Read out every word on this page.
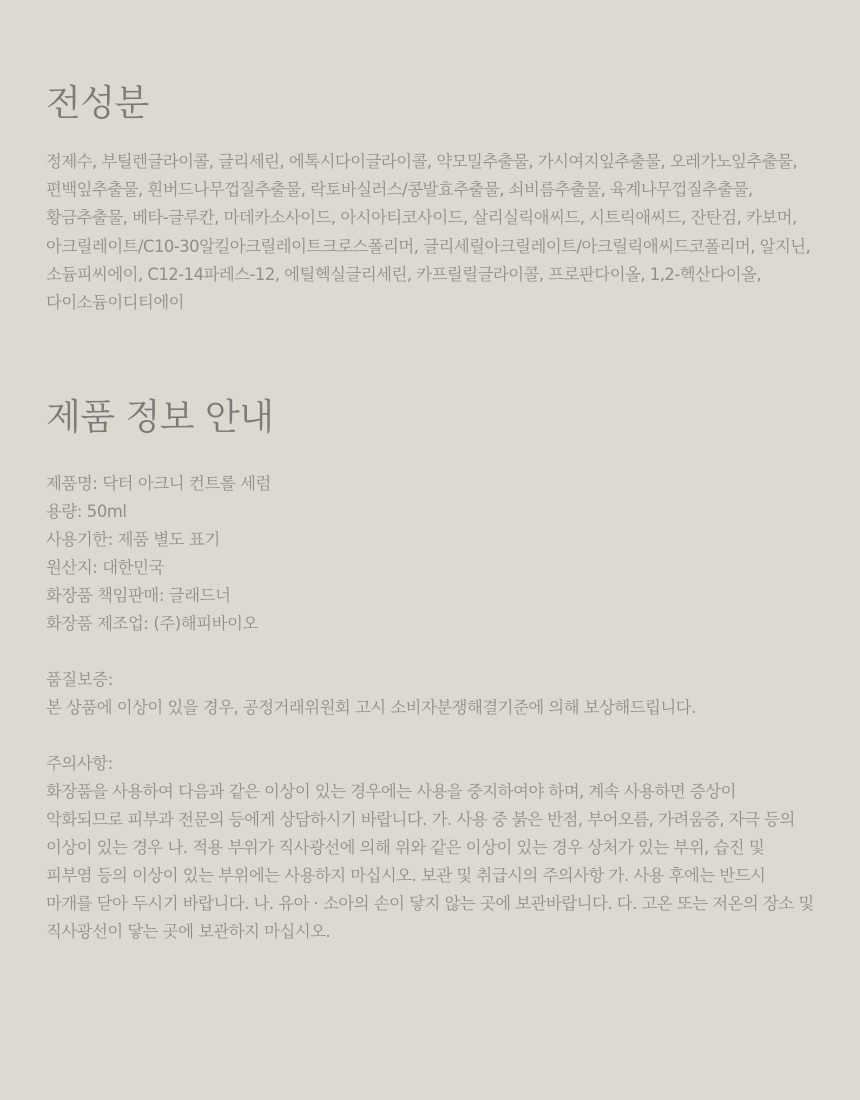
전성분

정제수, 부틸렌글라이콜, 글리세린, 에톡시다이글라이콜, 약모밀추출물, 가시여지잎추출물, 오레가노잎추출물, 편백잎추출물, 흰버드나무껍질추출물, 락토바실러스/콩발효추출물, 쇠비름추출물, 육계나무껍질추출물, 황금추출물, 베타-글루칸, 마데카소사이드, 아시아티코사이드, 살리실릭애씨드, 시트릭애씨드, 잔탄검, 카보머, 아크릴레이트/C10-30알킬아크릴레이트크로스폴리머, 글리세릴아크릴레이트/아크릴릭애씨드코폴리머, 알지닌, 소듐피씨에이, C12-14파레스-12, 에틸헥실글리세린, 카프릴릴글라이콜, 프로판다이올, 1,2-헥산다이올, 다이소듐이디티에이

제품 정보 안내
제품명: 닥터 아크니 컨트롤 세럼
용량: 50ml
사용기한: 제품 별도 표기
원산지: 대한민국
화장품 책임판매: 글래드너
화장품 제조업: (주)해피바이오

품질보증:

본 상품에 이상이 있을 경우, 공정거래위원회 고시 소비자분쟁해결기준에 의해 보상해드립니다.

주의사항:

화장품을 사용하여 다음과 같은 이상이 있는 경우에는 사용을 중지하여야 하며, 계속 사용하면 증상이 악화되므로 피부과 전문의 등에게 상담하시기 바랍니다. 가. 사용 중 붉은 반점, 부어오름, 가려움증, 자극 등의 이상이 있는 경우 나. 적용 부위가 직사광선에 의해 위와 같은 이상이 있는 경우 상처가 있는 부위, 습진 및 피부염 등의 이상이 있는 부위에는 사용하지 마십시오. 보관 및 취급시의 주의사항 가. 사용 후에는 반드시 마개를 닫아 두시기 바랍니다. 나. 유아 · 소아의 손이 닿지 않는 곳에 보관바랍니다. 다. 고온 또는 저온의 장소 및 직사광선이 닿는 곳에 보관하지 마십시오.
